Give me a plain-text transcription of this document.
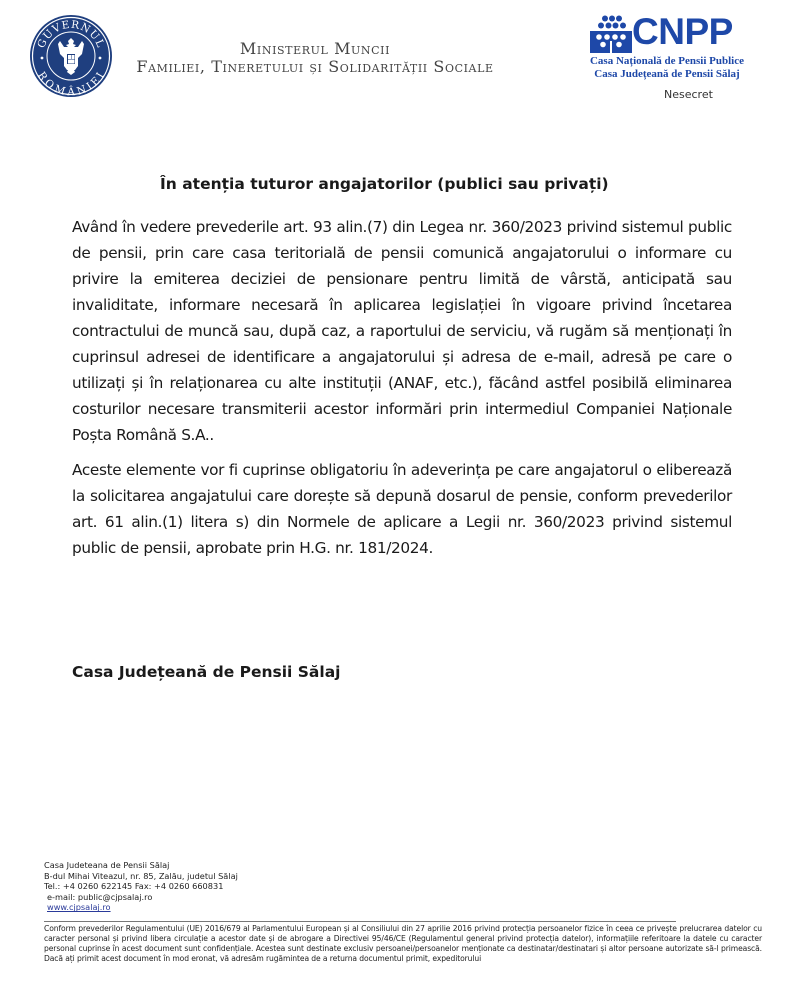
GUVERNUL
ROMÂNIEI
Ministerul Muncii
Familiei, Tineretului și Solidarității Sociale
CNPP
Casa Națională de Pensii Publice
Casa Județeană de Pensii Sălaj
Nesecret
În atenția tuturor angajatorilor (publici sau privați)

Având în vedere prevederile art. 93 alin.(7) din Legea nr. 360/2023 privind sistemul public de pensii, prin care casa teritorială de pensii comunică angajatorului o informare cu privire la emiterea deciziei de pensionare pentru limită de vârstă, anticipată sau invaliditate, informare necesară în aplicarea legislației în vigoare privind încetarea contractului de muncă sau, după caz, a raportului de serviciu, vă rugăm să menționați în cuprinsul adresei de identificare a angajatorului și adresa de e-mail, adresă pe care o utilizați și în relaționarea cu alte instituții (ANAF, etc.), făcând astfel posibilă eliminarea costurilor necesare transmiterii acestor informări prin intermediul Companiei Naționale Poșta Română S.A..

Aceste elemente vor fi cuprinse obligatoriu în adeverința pe care angajatorul o eliberează la solicitarea angajatului care dorește să depună dosarul de pensie, conform prevederilor art. 61 alin.(1) litera s) din Normele de aplicare a Legii nr. 360/2023 privind sistemul public de pensii, aprobate prin H.G. nr. 181/2024.

Casa Județeană de Pensii Sălaj
Casa Judeteana de Pensii Sălaj
B-dul Mihai Viteazul, nr. 85, Zalău, judetul Sălaj
Tel.: +4 0260 622145 Fax: +4 0260 660831
e-mail: public@cjpsalaj.ro
www.cjpsalaj.ro
Conform prevederilor Regulamentului (UE) 2016/679 al Parlamentului European și al Consiliului din 27 aprilie 2016 privind protecția persoanelor fizice în ceea ce privește prelucrarea datelor cu caracter personal și privind libera circulație a acestor date și de abrogare a Directivei 95/46/CE (Regulamentul general privind protecția datelor), informațiile referitoare la datele cu caracter personal cuprinse în acest document sunt confidențiale. Acestea sunt destinate exclusiv persoanei/persoanelor menționate ca destinatar/destinatari și altor persoane autorizate să-l primească. Dacă ați primit acest document în mod eronat, vă adresăm rugămintea de a returna documentul primit, expeditorului
